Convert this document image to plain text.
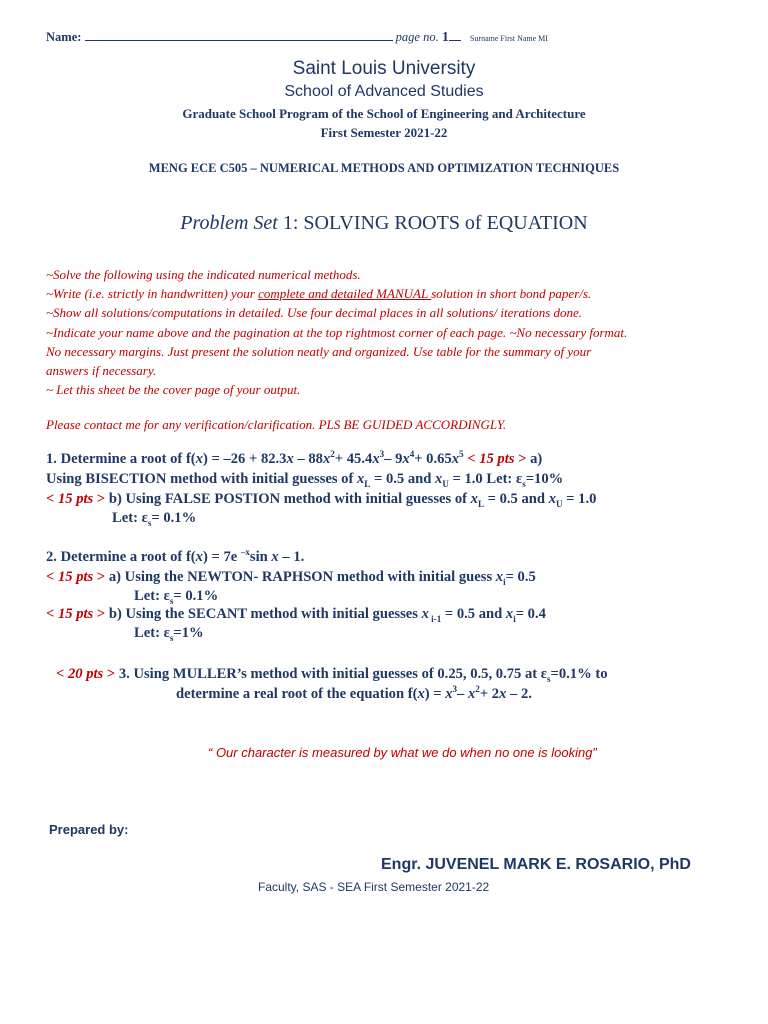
Name:	page no. 1	Surname First Name MI
Saint Louis University
School of Advanced Studies
Graduate School Program of the School of Engineering and Architecture
First Semester 2021-22
MENG ECE C505 – NUMERICAL METHODS AND OPTIMIZATION TECHNIQUES
Problem Set 1: SOLVING ROOTS of EQUATION
~Solve the following using the indicated numerical methods.
~Write (i.e. strictly in handwritten) your complete and detailed MANUAL solution in short bond paper/s.
~Show all solutions/computations in detailed. Use four decimal places in all solutions/ iterations done.
~Indicate your name above and the pagination at the top rightmost corner of each page. ~No necessary format.
No necessary margins. Just present the solution neatly and organized. Use table for the summary of your
answers if necessary.
~ Let this sheet be the cover page of your output.
Please contact me for any verification/clarification. PLS BE GUIDED ACCORDINGLY.
1. Determine a root of $f(x) = -26 + 82.3x - 88x^2+ 45.4x^3-$ $9x^4+ 0.65x^5 < 15$ pts > a)
Using BISECTION method with initial guesses of $x_L = 0.5$ and $x_U = 1.0$ Let: $\varepsilon_s=10\%$
< 15 pts > b) Using FALSE POSTION method with initial guesses of $x_L = 0.5$ and $x_U = 1.0$
Let: $\varepsilon_s= 0.1\%$
2. Determine a root of f(x) = 7e $^{-x}$sin x – 1.
< 15 pts > a) Using the NEWTON- RAPHSON method with initial guess $x_i= 0.5$
Let: $\varepsilon_s= 0.1\%$
< 15 pts > b) Using the SECANT method with initial guesses x $_{i-1}$ = 0.5 and $x_i= 0.4$
Let: $\varepsilon_s=1\%$
< 20 pts > 3. Using MULLER’s method with initial guesses of 0.25, 0.5, 0.75 at $\varepsilon_s=0.1\%$ to
determine a real root of the equation $f(x) = x^3-$ $x^2+ 2x - 2$.
“ Our character is measured by what we do when no one is looking”
Prepared by:
Engr. JUVENEL MARK E. ROSARIO, PhD
Faculty, SAS - SEA First Semester 2021-22
